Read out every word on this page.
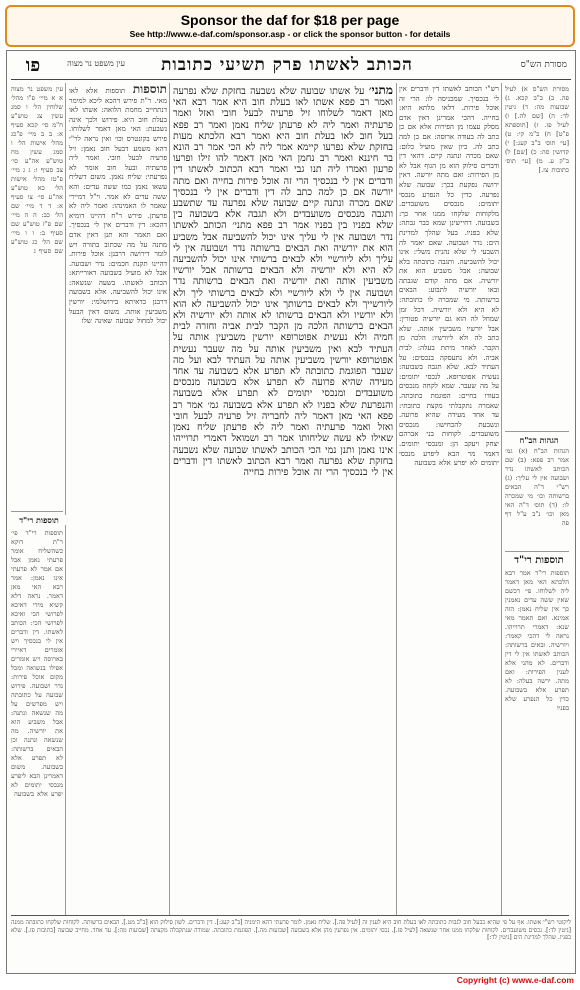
Sponsor the daf for $18 per page
See http://www.e-daf.com/sponsor.asp - or click the sponsor button - for details
הכותב לאשתו פרק תשיעי כתובות
פו	מסורת הש"ס
עין משפט נר מצוה
מסורת הש"ס א) לעיל פה. ב) ב"ב קכא. ג) שבועות מה: ד) גיטין לד: ה) [שם לה.] ו) לעיל פז. ז) [תוספתא פ"ט] ח) ב"מ קי: ט) [עי׳ תוס׳ ב"ב קעג:] י) קדושין סה: כ) [שם] ל) ב"ק ע. מ) [עי׳ תוס׳ כתובות צז.]
הגהות הב"ח
הגהות הב"ח (א) גמ׳ אמר רב פפא: (ב) שם הכותב לאשתו נדר ושבועה אין לי עליך: (ג) רש"י ד"ה הבאים ברשותה וכו׳ מי שמכרה לו: (ד) תוס׳ ד"ה האי מאן וכו׳ נ"ב ע"ל דף פה
תוספות רי"ד
תוספות רי"ד אמר רבא הלכתא האי מאן דאמר ליה לשלוחו. פי׳ דכשם שאין ששה עדים נאמנין כך אין שליח נאמן: הוה אמינא. ואם תאמר מאי שנא: דאמרי תרוייהו. נראה לי דהכי קאמר: ויורשיה. ובאים ברשותה: הכותב לאשתו אין לי דין ודברים. לא מהני אלא לענין הפירות: ואם מתה. ירשה בעלה: לא תפרע אלא בשבועה. כדין כל הנפרע שלא בפניו
רש"י הכותב לאשתו דין ודברים אין לי בנכסיך. שמכניסה לו: הרי זה אוכל פירות. דלאו מלתא היא: בחייה. דהכי אמרינן דאין אדם מסלק עצמו מן הפירות אלא אם כן כתב לה בעודה ארוסה: אם כן למה כתב לה. כיון שאין מועיל כלום: שאם מכרה ונתנה קיים. דהאי דין ודברים סילוק הוא מן הגוף אבל לא מן הפירות: ואם מתה יורשה. דאין ירושה נפקעת בכך: שבועה שלא נפרעה. כדין כל הנפרע מנכסי יתומים: מנכסים משועבדים. מלקוחות שלקחו ממנו אחר כך: בשבועה. דחיישינן שמא כבר גבתה: שלא בפניו. בעל שהלך למדינת הים: נדר ושבועה. שאם יאמר לה השבעי לי שלא נהנית משלי: אינו יכול להשביעה. ותגבה כתובתה בלא שבועה: אבל משביע הוא את יורשיה. אם מתה קודם שגבתה ובאו יורשיה לתבוע: הבאים ברשותה. מי שמכרה לו כתובתה: לא היא ולא יורשיה. דכל זמן שמחל לה הוא גם יורשיה פטורין: אבל יורשיו משביעין אותה. שלא כתב לה ולא ליורשיו: הלכה מן הקבר. לאחר מיתת בעלה: לבית אביה. ולא נתעסקה בנכסים: על העתיד לבא. שלא תגבה בשבועה: נעשית אפוטרופא. לנכסי יתומים: על מה שעבר. שמא לקחה מנכסים בעודו בחיים: הפוגמת כתובתה. שאמרה נתקבלתי מקצת כתובתי: עד אחד מעידה שהיא פרועה. ונשבעת להכחישו: מנכסים משועבדים. לקוחות בני אברהם יצחק ויעקב הן: ומנכסי יתומים. דאמר מר הבא ליפרע מנכסי יתומים לא יפרע אלא בשבועה
מתני׳ על אשתו שבועה שלא נשבעה בחזקת שלא נפרעה ואמר רב פפא אשתו לאו בעלת חוב היא אמר רבא האי מאן דאמר לשלוחו זיל פרעיה לבעל חובי ואזל ואמר פרעתיה ואמר ליה לא פרעתן שליח נאמן ואמר רב פפא בעל חוב לאו בעלת חוב היא ואמר רבא הלכתא מעות בחזקת שלא נפרעו קיימא אמר ליה לא הכי אמר רב הונא בר חיננא ואמר רב נחמן האי מאן דאמר להו זילו ופרעו פרעון ואמרו ליה תנו גבי ואמר רבא הכתוב לאשתו דין ודברים אין לי בנכסיך הרי זה אוכל פירות בחייה ואם מתה יורשה אם כן למה כתב לה דין ודברים אין לי בנכסיך שאם מכרה ונתנה קיים שבועה שלא נפרעה עד שתשבע ותגבה מנכסים משועבדים ולא תגבה אלא בשבועה בין שלא בפניו בין בפניו אמר רב פפא מתני׳ הכותב לאשתו נדר ושבועה אין לי עליך אינו יכול להשביעה אבל משביע הוא את יורשיה ואת הבאים ברשותה נדר ושבועה אין לי עליך ולא ליורשיי ולא לבאים ברשותי אינו יכול להשביעה לא היא ולא יורשיה ולא הבאים ברשותה אבל יורשיו משביעין אותה ואת יורשיה ואת הבאים ברשותה נדר ושבועה אין לי ולא ליורשיי ולא לבאים ברשותי ליך ולא ליורשייך ולא לבאים ברשותך אינו יכול להשביעה לא הוא ולא יורשיו ולא הבאים ברשותו לא אותה ולא יורשיה ולא הבאים ברשותה הלכה מן הקבר לבית אביה וחזרה לבית חמיה ולא נעשית אפוטרופא יורשין משביעין אותה על העתיד לבא ואין משביעין אותה על מה שעבר נעשית אפוטרופא יורשין משביעין אותה על העתיד לבא ועל מה שעבר הפוגמת כתובתה לא תפרע אלא בשבועה עד אחד מעידה שהיא פרועה לא תפרע אלא בשבועה מנכסים משועבדים ומנכסי יתומים לא תפרע אלא בשבועה והנפרעת שלא בפניו לא תפרע אלא בשבועה גמ׳ אמר רב פפא האי מאן דאמר ליה לחבריה זיל פרעיה לבעל חובי ואזל ואמר פרעתיה ואמר ליה לא פרעתן שליח נאמן שאילו לא עשה שליחותו אמר רב ושמואל דאמרי תרוייהו אינו נאמן ותנן נמי הכי הכותב לאשתו שבועה שלא נשבעה בחזקת שלא נפרעה ואמר רבא הכתוב לאשתו דין ודברים אין לי בנכסיך הרי זה אוכל פירות בחייה
תוספות תוספות אלא לאו מאי. ר"ת פירש דהכא ליכא למימר דנתחייב מחמת הלואה: אשתו לאו בעלת חוב היא. פירוש ולכך אינה נשבעת: האי מאן דאמר לשלוחו. פירש בקונטרס וכו׳ ואין נראה לר"י דהא משמע דבעל חוב נאמן: זיל פרעיה לבעל חובי. ואמר ליה פרעתיה ובעל חוב אומר לא נפרעתי: שליח נאמן. משום דשליח עשאו נאמן כמו ששה עדים: והא ששה עדים לא אמר. וי"ל דמיירי שאמר לו האמינהו: ואמר ליה לא פרעתן. פירש ר"ח דהיינו דומיא דהכא: דין ודברים אין לי בנכסיך. ואם תאמר והא תנן דאין אדם מתנה על מה שכתוב בתורה ויש לומר דירושה דרבנן: אוכל פירות. דהיינו תקנת חכמים: נדר ושבועה. אבל לא מועיל בשבועה דאורייתא: הכותב לאשתו. בשעה שנשאה: אינו יכול להשביעה. אלא בשבועה דרבנן כדאיתא בירושלמי: יורשין משביעין אותה. משום דאין הבעל יכול למחול שבועה שאינה שלו
עין משפט נר מצוה א א מיי׳ פ"ו מהל׳ שלוחין הל׳ ו סמג עשין צג טוש"ע ח"מ סי׳ קכא סעיף א: ב ב מיי׳ פ"כג מהל׳ אישות הל׳ ו סמג עשין מח טוש"ע אה"ע סי׳ צב סעיף ו: ג ג מיי׳ פ"טז מהל׳ אישות הל׳ כא טוש"ע אה"ע סי׳ צו סעיף א: ד ד מיי׳ שם הל׳ כב: ה ה מיי׳ שם פ"ז טוש"ע שם סעיף ב: ו ו מיי׳ שם הל׳ כג טוש"ע שם סעיף ג
תוספות רי"ד
תוספות רי"ד פי׳ ר"ת דוקא כשהשליח אומר פרעתי נאמן אבל אם אמר לא פרעתי אינו נאמן: אמר רבא האי מאן דאמר. נראה דלא קשיא מידי דאיכא לפרושי הכי ואיכא לפרושי הכי: הכותב לאשתו. דין ודברים אין לי בנכסיך ויש אומרים דאיירי בארוסה ויש אומרים אפילו בנשואה ומכל מקום אוכל פירות: נדר ושבועה. פירוש שבועה על כתובתה ויש מפרשים על מה שנשאה ונתנה: אבל משביע הוא את יורשיה. מה שנשאה ונתנה וכן הבאים ברשותה: לא תפרע אלא בשבועה. משום דאמרינן הבא ליפרע מנכסי יתומים לא יפרע אלא בשבועה
ליקוטי רש"י אשתו. אף על פי שהיא כבעל חוב לגבות כתובתה לאו בעלת חוב היא לענין זה [לעיל פה.]. שליח נאמן. לומר פרעתי דהא הימניה [ב"ב קעג:]. דין ודברים. לשון סילוק הוא [ב"ב מט.]. הבאים ברשותה. לקוחות שלקחו כתובתה ממנה [גיטין לד:]. נכסים משועבדים. לקוחות שלקחו ממנו אחר שנשאה [לעיל פז.]. נכסי יתומים. אין נפרעין מהן אלא בשבועה [שבועות מה.]. הפוגמת כתובתה. שמודה שנתקבלה מקצתה [שבועות מה:]. עד אחד. מחייב שבועה [כתובות פז.]. שלא בפניו. שהלך למדינת הים [גיטין לד:]
Copyright (c) www.e-daf.com
